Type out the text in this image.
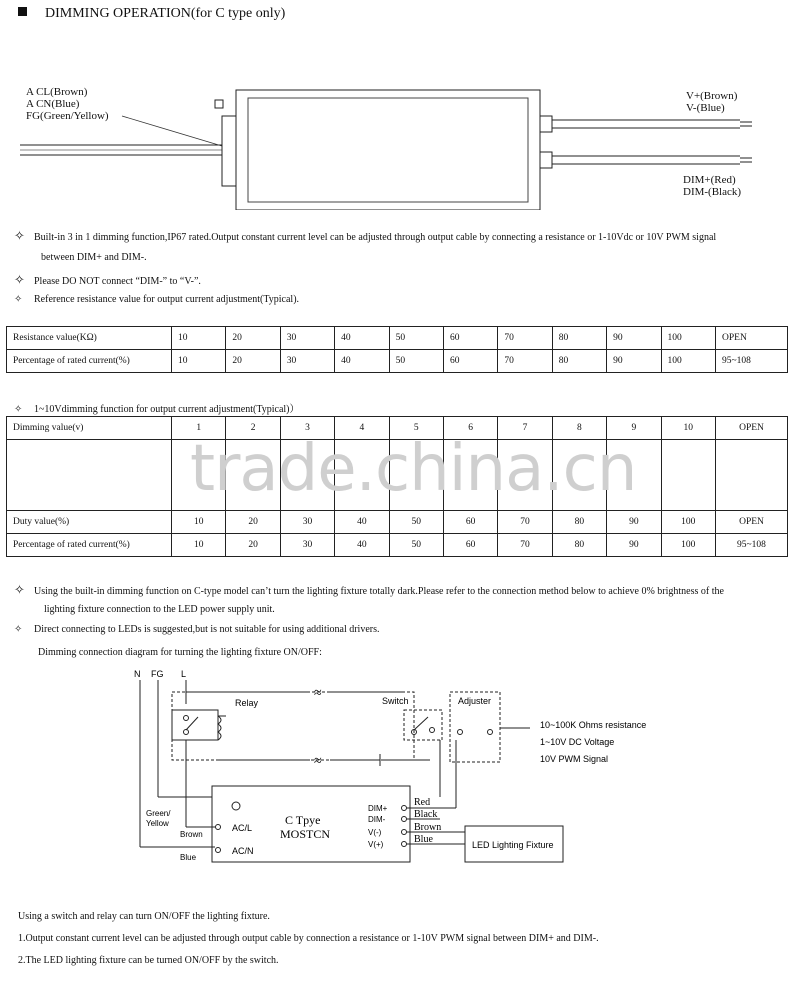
DIMMING OPERATION(for C type only)
A CL(Brown)
A CN(Blue)
FG(Green/Yellow)
V+(Brown)
V-(Blue)
DIM+(Red)
DIM-(Black)
✧ Built-in 3 in 1 dimming function,IP67 rated.Output constant current level can be adjusted through output cable by connecting a resistance or 1-10Vdc or 10V PWM signal
between DIM+ and DIM-.
✧ Please DO NOT connect “DIM-” to “V-”.
✧ Reference resistance value for output current adjustment(Typical).
Resistance value(KΩ)	10	20	30	40	50	60	70	80	90	100	OPEN
Percentage of rated current(%)	10	20	30	40	50	60	70	80	90	100	95~108
✧ 1~10Vdimming function for output current adjustment(Typical)）
Dimming value(v)	1	2	3	4	5	6	7	8	9	10	OPEN

Duty value(%)	10	20	30	40	50	60	70	80	90	100	OPEN
Percentage of rated current(%)	10	20	30	40	50	60	70	80	90	100	95~108
trade.china.cn
✧ Using the built-in dimming function on C-type model can’t turn the lighting fixture totally dark.Please refer to the connection method below to achieve 0% brightness of the
lighting fixture connection to the LED power supply unit.
✧ Direct connecting to LEDs is suggested,but is not suitable for using additional drivers.
Dimming connection diagram for turning the lighting fixture ON/OFF:
≈
≈
N FG L
Relay	Switch	Adjuster
10~100K Ohms resistance
1~10V DC Voltage
10V PWM Signal
C Tpye
MOSTCN
AC/L
AC/N
DIM+
DIM-
V(-)
V(+)
Red
Black
Brown
Blue
Green/
Yellow
Brown
Blue
LED Lighting Fixture
Using a switch and relay can turn ON/OFF the lighting fixture.
1.Output constant current level can be adjusted through output cable by connection a resistance or 1-10V PWM signal between DIM+ and DIM-.
2.The LED lighting fixture can be turned ON/OFF by the switch.
